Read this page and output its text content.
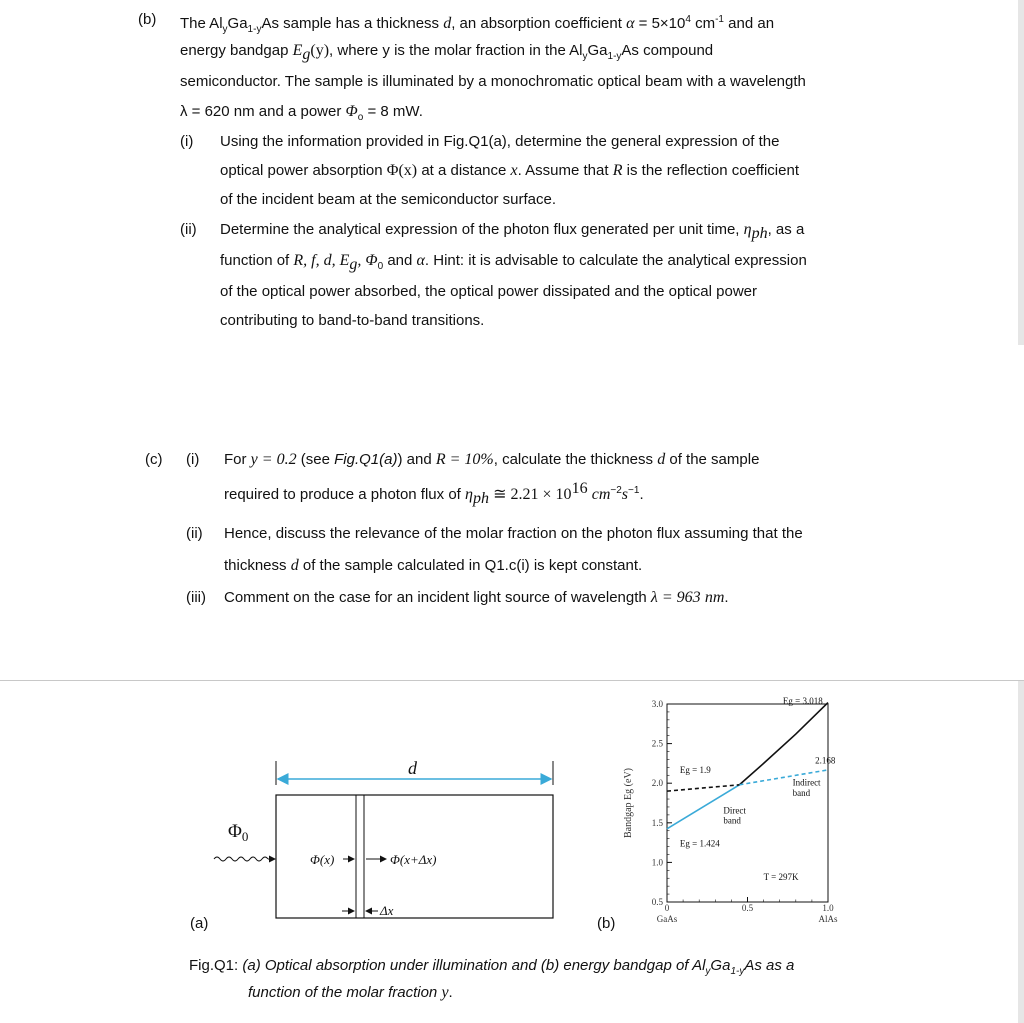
(b) The $Al_yGa_{1-y}As$ sample has a thickness d, an absorption coefficient $\alpha = 5\times 10^4$ $cm^{-1}$ and an
energy bandgap $E_g(y)$, where y is the molar fraction in the $Al_yGa_{1-y}As$ compound
semiconductor. The sample is illuminated by a monochromatic optical beam with a wavelength
λ = 620 nm and a power $\Phi_o = 8$ mW.
(i) Using the information provided in Fig.Q1(a), determine the general expression of the
optical power absorption Φ(x) at a distance x. Assume that R is the reflection coefficient
of the incident beam at the semiconductor surface.
(ii) Determine the analytical expression of the photon flux generated per unit time, $\eta_{ph}$, as a
function of R, f, d, $E_g$, $\Phi_0$ and α. Hint: it is advisable to calculate the analytical expression
of the optical power absorbed, the optical power dissipated and the optical power
contributing to band-to-band transitions.
(c) (i) For y = 0.2 (see Fig.Q1(a)) and R = 10%, calculate the thickness d of the sample
required to produce a photon flux of $\eta_{ph}$ ≅ $2.21 \times 10^{16}$ $cm^{-2}s^{-1}$.
(ii) Hence, discuss the relevance of the molar fraction on the photon flux assuming that the
thickness d of the sample calculated in Q1.c(i) is kept constant.
(iii) Comment on the case for an incident light source of wavelength λ = 963 nm.
d
$\Phi_0$
Φ(x)	Φ(x+Δx)
Δx
(a)	(b)
0.5
1.0
1.5
2.0
2.5
3.0
0
GaAs
0.5	1.0
AlAs
Bandgap Eg (eV)
Eg = 3.018
2.168
Eg = 1.9
Indirect
band
Direct
band
Eg = 1.424
T = 297K
Fig.Q1: (a) Optical absorption under illumination and (b) energy bandgap of $Al_yGa_{1-y}As$ as a
function of the molar fraction y.
